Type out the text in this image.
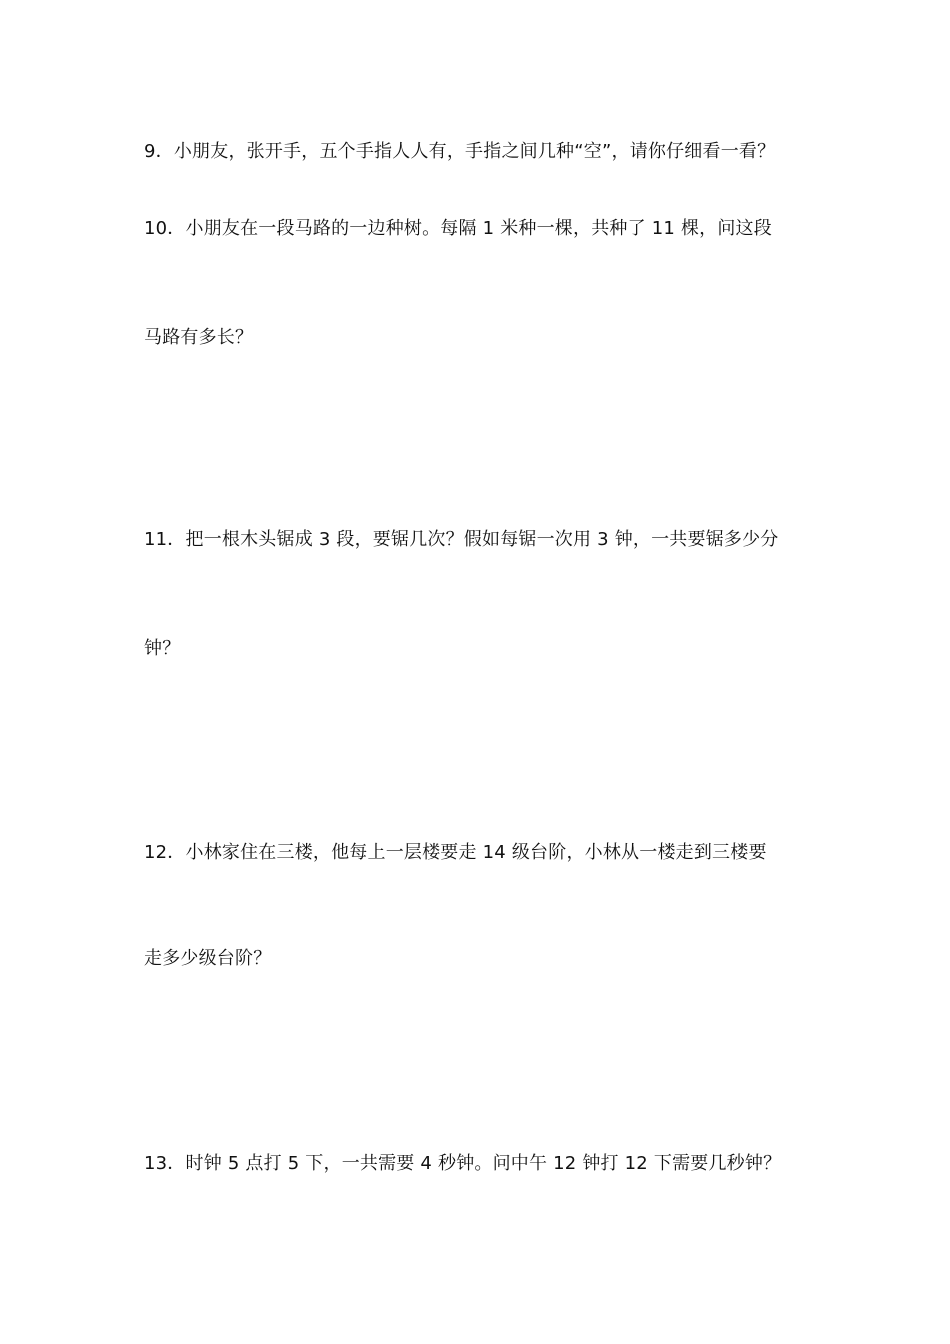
9．小朋友，张开手，五个手指人人有，手指之间几种“空”，请你仔细看一看？
10．小朋友在一段马路的一边种树。每隔 1 米种一棵，共种了 11 棵，问这段
马路有多长？
11．把一根木头锯成 3 段，要锯几次？假如每锯一次用 3 钟，一共要锯多少分
钟？
12．小林家住在三楼，他每上一层楼要走 14 级台阶，小林从一楼走到三楼要
走多少级台阶？
13．时钟 5 点打 5 下，一共需要 4 秒钟。问中午 12 钟打 12 下需要几秒钟？
